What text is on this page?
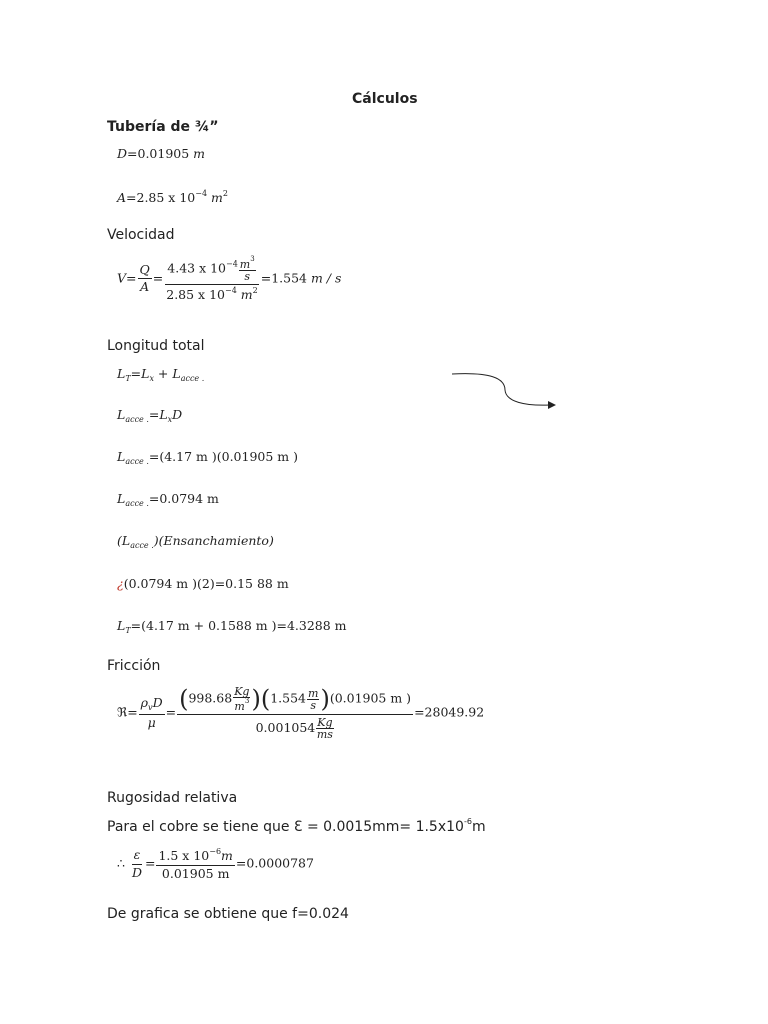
Cálculos
Tubería de ¾”
D=0.01905 m
A=2.85 x $10^{-4}$ $m^2$
Velocidad
$V= \frac{Q}{A} = \frac{4.43 x 10^{-4} \frac{m^3}{s}}{2.85 x 10^{-4} m^2} =1.554$ m / s
Longitud total
$L_T=L_x + L_{acce .}$
$L_{acce .}=L_xD$
$L_{acce .}=(4.17$ m )(0.01905 m )
$L_{acce .}=0.0794$ m
$(L_{acce .})(Ensanchamiento)$
¿(0.0794 m )(2)=0.15 88 m
$L_T=(4.17$ m + 0.1588 m )=4.3288 m
Fricción
ℜ= $\frac{\rho_vD}{\mu} = \frac{(998.68 \frac{Kg}{m^3} )(1.554 \frac{m}{s} )(0.01905 m )}{0.001054 \frac{Kg}{ms}} =28049.92$
Rugosidad relativa
Para el cobre se tiene que Ɛ = $0.0015mm= 1.5x10^{-6}m$
∴ $\frac{\varepsilon}{D} = \frac{1.5 x 10^{-6}m}{0.01905 m} =0.0000787$
De grafica se obtiene que f=0.024
